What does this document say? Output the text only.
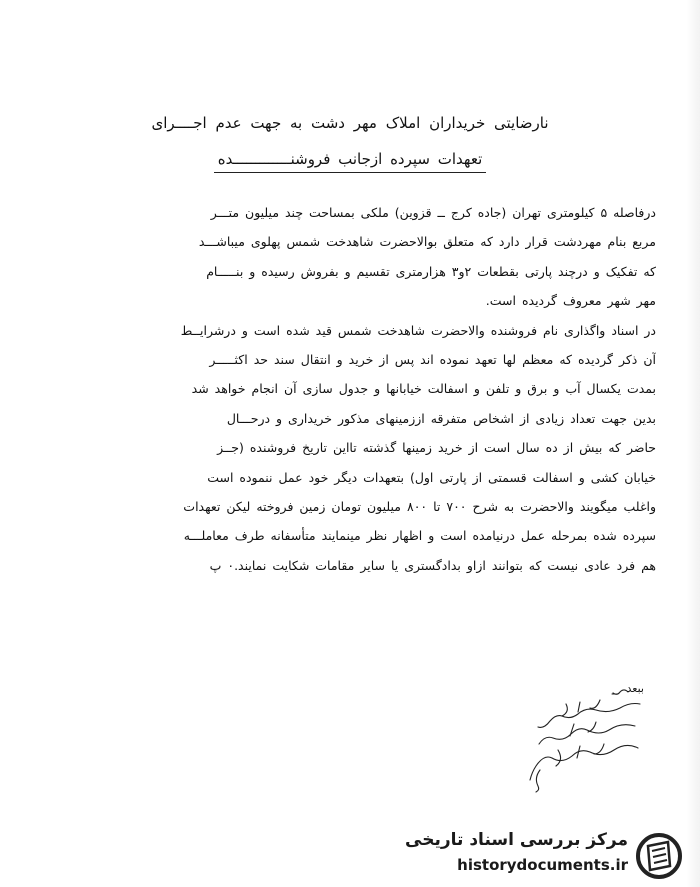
نارضایتی خریداران املاک مهر دشت به جهت عدم اجــــرای
تعهدات سپرده ازجانب فروشنـــــــــــــده
درفاصله ۵ کیلومتری تهران (جاده کرج ــ قزوین) ملکی بمساحت چند میلیون متـــر
مربع بنام مهردشت قرار دارد که متعلق بوالاحضرت شاهدخت شمس پهلوی میباشـــد
که تفکیک و درچند پارتی بقطعات ۲و۳ هزارمتری تقسیم و بفروش رسیده و بنـــــام
مهر شهر معروف گردیده است.
در اسناد واگذاری نام فروشنده والاحضرت شاهدخت شمس قید شده است و درشرایــط
آن ذکر گردیده که معظم لها تعهد نموده اند پس از خرید و انتقال سند حد اکثـــــر
بمدت یکسال آب و برق و تلفن و اسفالت خیابانها و جدول سازی آن انجام خواهد شد
بدین جهت تعداد زیادی از اشخاص متفرقه اززمینهای مذکور خریداری و درحـــال
حاضر که بیش از ده سال است از خرید زمینها گذشته تااین تاریخ فروشنده (جــز
خیابان کشی و اسفالت قسمتی از پارتی اول) بتعهدات دیگر خود عمل ننموده است
واغلب میگویند والاحضرت به شرح ۷۰۰ تا ۸۰۰ میلیون تومان زمین فروخته لیکن تعهدات
سپرده شده بمرحله عمل درنیامده است و اظهار نظر مینمایند متأسفانه طرف معاملـــه
هم فرد عادی نیست که بتوانند ازاو بدادگستری یا سایر مقامات شکایت نمایند.۰ پ
ببعد
مرکز بررسی اسناد تاریخی
historydocuments.ir
